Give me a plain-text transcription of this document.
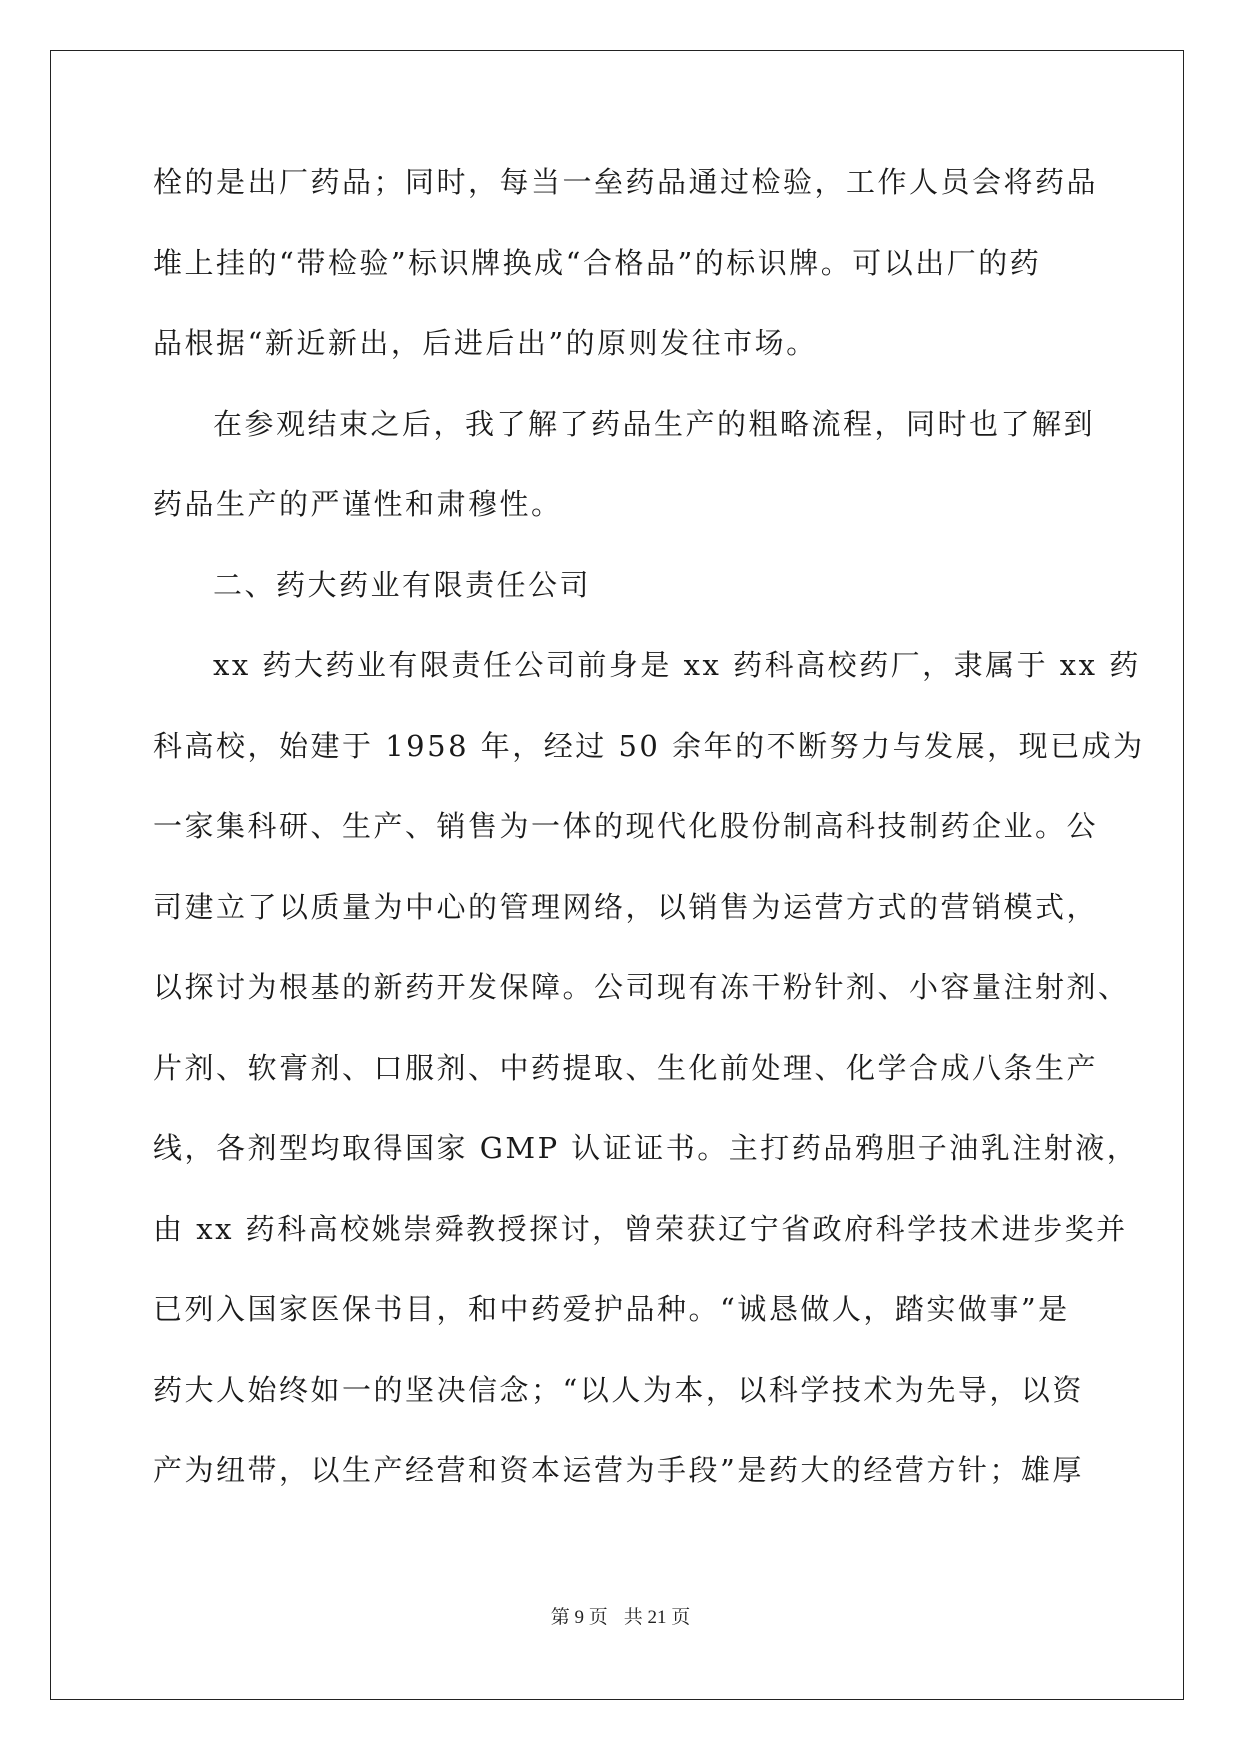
栓的是出厂药品；同时，每当一垒药品通过检验，工作人员会将药品
堆上挂的“带检验”标识牌换成“合格品”的标识牌。可以出厂的药
品根据“新近新出，后进后出”的原则发往市场。
在参观结束之后，我了解了药品生产的粗略流程，同时也了解到
药品生产的严谨性和肃穆性。
二、药大药业有限责任公司
xx 药大药业有限责任公司前身是 xx 药科高校药厂，隶属于 xx 药
科高校，始建于 1958 年，经过 50 余年的不断努力与发展，现已成为
一家集科研、生产、销售为一体的现代化股份制高科技制药企业。公
司建立了以质量为中心的管理网络，以销售为运营方式的营销模式，
以探讨为根基的新药开发保障。公司现有冻干粉针剂、小容量注射剂、
片剂、软膏剂、口服剂、中药提取、生化前处理、化学合成八条生产
线，各剂型均取得国家 GMP 认证证书。主打药品鸦胆子油乳注射液，
由 xx 药科高校姚崇舜教授探讨，曾荣获辽宁省政府科学技术进步奖并
已列入国家医保书目，和中药爱护品种。“诚恳做人，踏实做事”是
药大人始终如一的坚决信念；“以人为本，以科学技术为先导，以资
产为纽带，以生产经营和资本运营为手段”是药大的经营方针；雄厚
第 9 页 共 21 页
